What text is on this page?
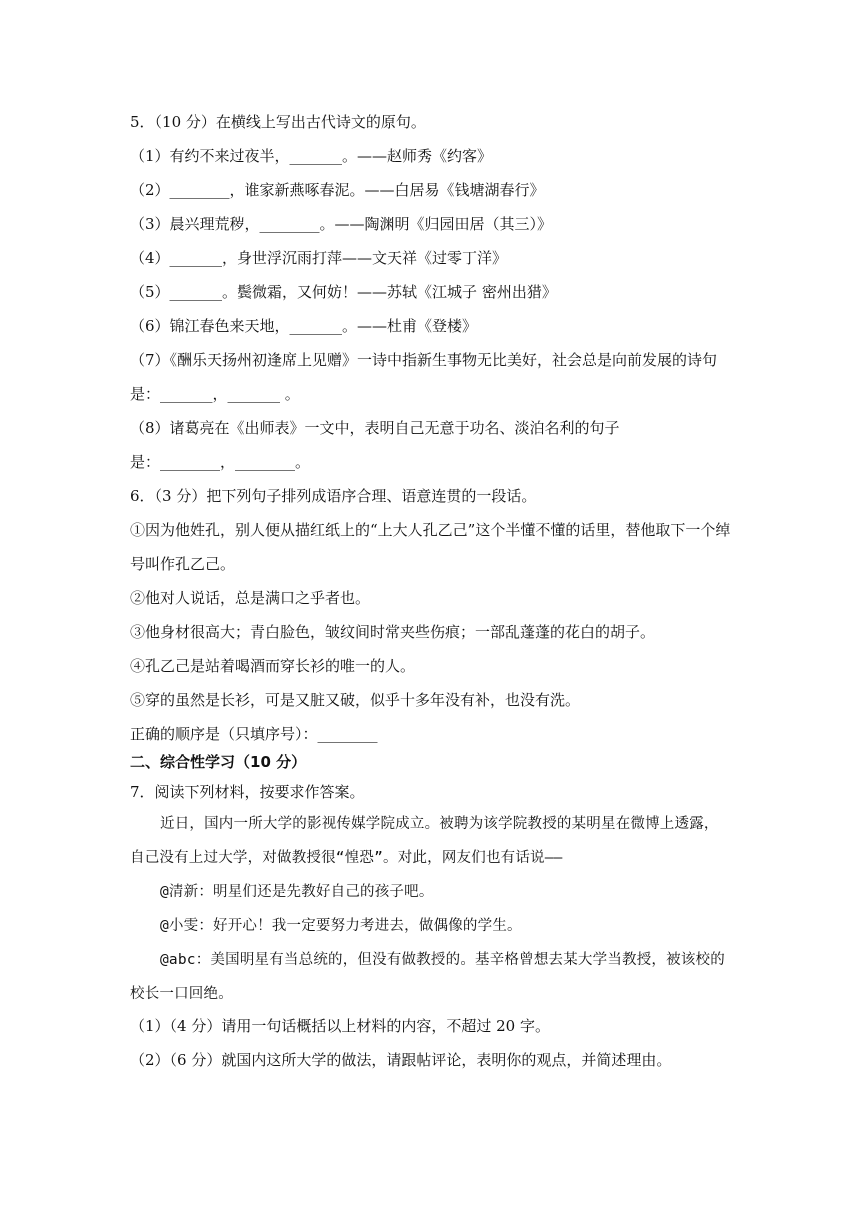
5．（10 分）在横线上写出古代诗文的原句。
（1）有约不来过夜半，_______。——赵师秀《约客》
（2）________，谁家新燕啄春泥。——白居易《钱塘湖春行》
（3）晨兴理荒秽，________。——陶渊明《归园田居（其三）》
（4）_______，身世浮沉雨打萍——文天祥《过零丁洋》
（5）_______。鬓微霜，又何妨！——苏轼《江城子 密州出猎》
（6）锦江春色来天地，_______。——杜甫《登楼》
（7）《酬乐天扬州初逢席上见赠》一诗中指新生事物无比美好，社会总是向前发展的诗句
是：_______，_______ 。
（8）诸葛亮在《出师表》一文中，表明自己无意于功名、淡泊名利的句子
是：________，________。
6．（3 分）把下列句子排列成语序合理、语意连贯的一段话。
①因为他姓孔，别人便从描红纸上的“上大人孔乙己”这个半懂不懂的话里，替他取下一个绰
号叫作孔乙己。
②他对人说话，总是满口之乎者也。
③他身材很高大；青白脸色，皱纹间时常夹些伤痕；一部乱蓬蓬的花白的胡子。
④孔乙己是站着喝酒而穿长衫的唯一的人。
⑤穿的虽然是长衫，可是又脏又破，似乎十多年没有补，也没有洗。
正确的顺序是（只填序号）：________
二、综合性学习（10 分）
7．阅读下列材料，按要求作答案。
近日，国内一所大学的影视传媒学院成立。被聘为该学院教授的某明星在微博上透露，
自己没有上过大学，对做教授很“惶恐”。对此，网友们也有话说——
@清新：明星们还是先教好自己的孩子吧。
@小雯：好开心！我一定要努力考进去，做偶像的学生。
@abc：美国明星有当总统的，但没有做教授的。基辛格曾想去某大学当教授，被该校的
校长一口回绝。
（1）（4 分）请用一句话概括以上材料的内容，不超过 20 字。
（2）（6 分）就国内这所大学的做法，请跟帖评论，表明你的观点，并简述理由。
